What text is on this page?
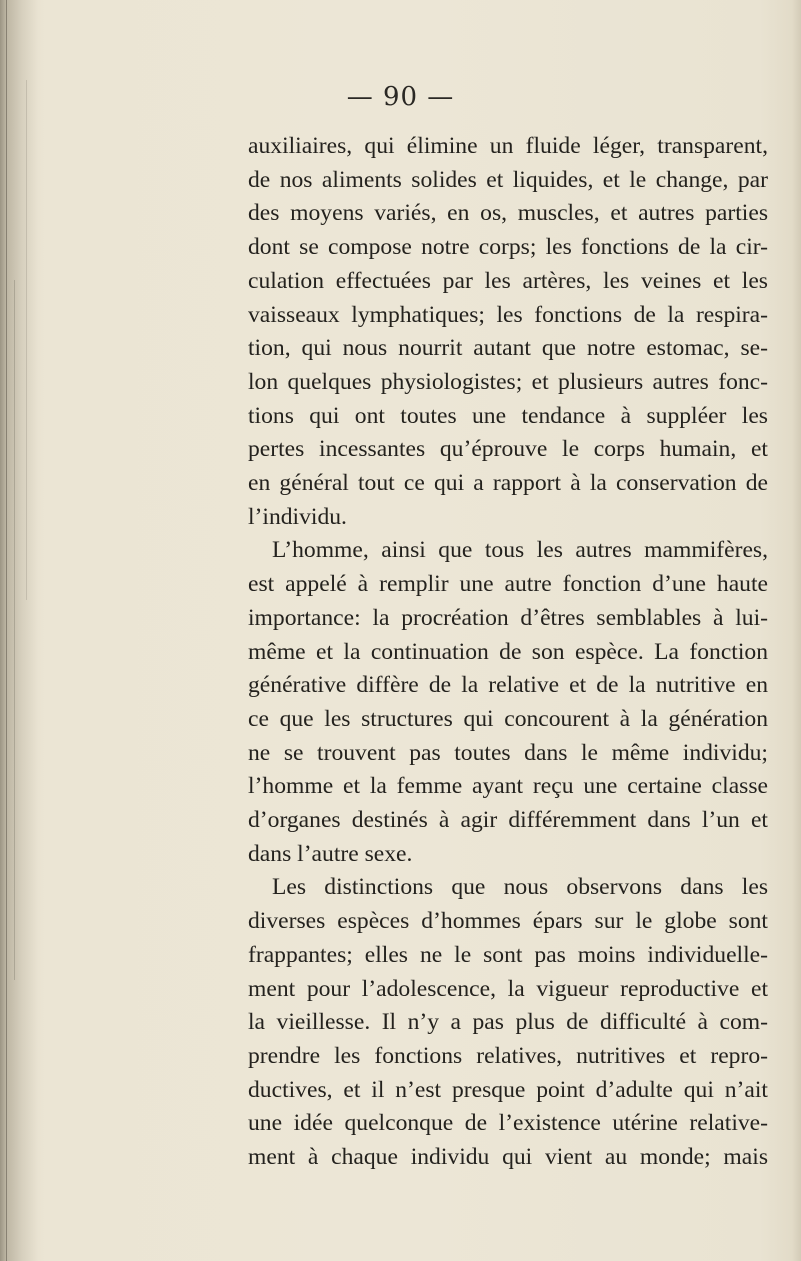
— 90 —
auxiliaires, qui élimine un fluide léger, transparent,
de nos aliments solides et liquides, et le change, par
des moyens variés, en os, muscles, et autres parties
dont se compose notre corps; les fonctions de la cir-
culation effectuées par les artères, les veines et les
vaisseaux lymphatiques; les fonctions de la respira-
tion, qui nous nourrit autant que notre estomac, se-
lon quelques physiologistes; et plusieurs autres fonc-
tions qui ont toutes une tendance à suppléer les
pertes incessantes qu’éprouve le corps humain, et
en général tout ce qui a rapport à la conservation de
l’individu.
L’homme, ainsi que tous les autres mammifères,
est appelé à remplir une autre fonction d’une haute
importance: la procréation d’êtres semblables à lui-
même et la continuation de son espèce. La fonction
générative diffère de la relative et de la nutritive en
ce que les structures qui concourent à la génération
ne se trouvent pas toutes dans le même individu;
l’homme et la femme ayant reçu une certaine classe
d’organes destinés à agir différemment dans l’un et
dans l’autre sexe.
Les distinctions que nous observons dans les
diverses espèces d’hommes épars sur le globe sont
frappantes; elles ne le sont pas moins individuelle-
ment pour l’adolescence, la vigueur reproductive et
la vieillesse. Il n’y a pas plus de difficulté à com-
prendre les fonctions relatives, nutritives et repro-
ductives, et il n’est presque point d’adulte qui n’ait
une idée quelconque de l’existence utérine relative-
ment à chaque individu qui vient au monde; mais
